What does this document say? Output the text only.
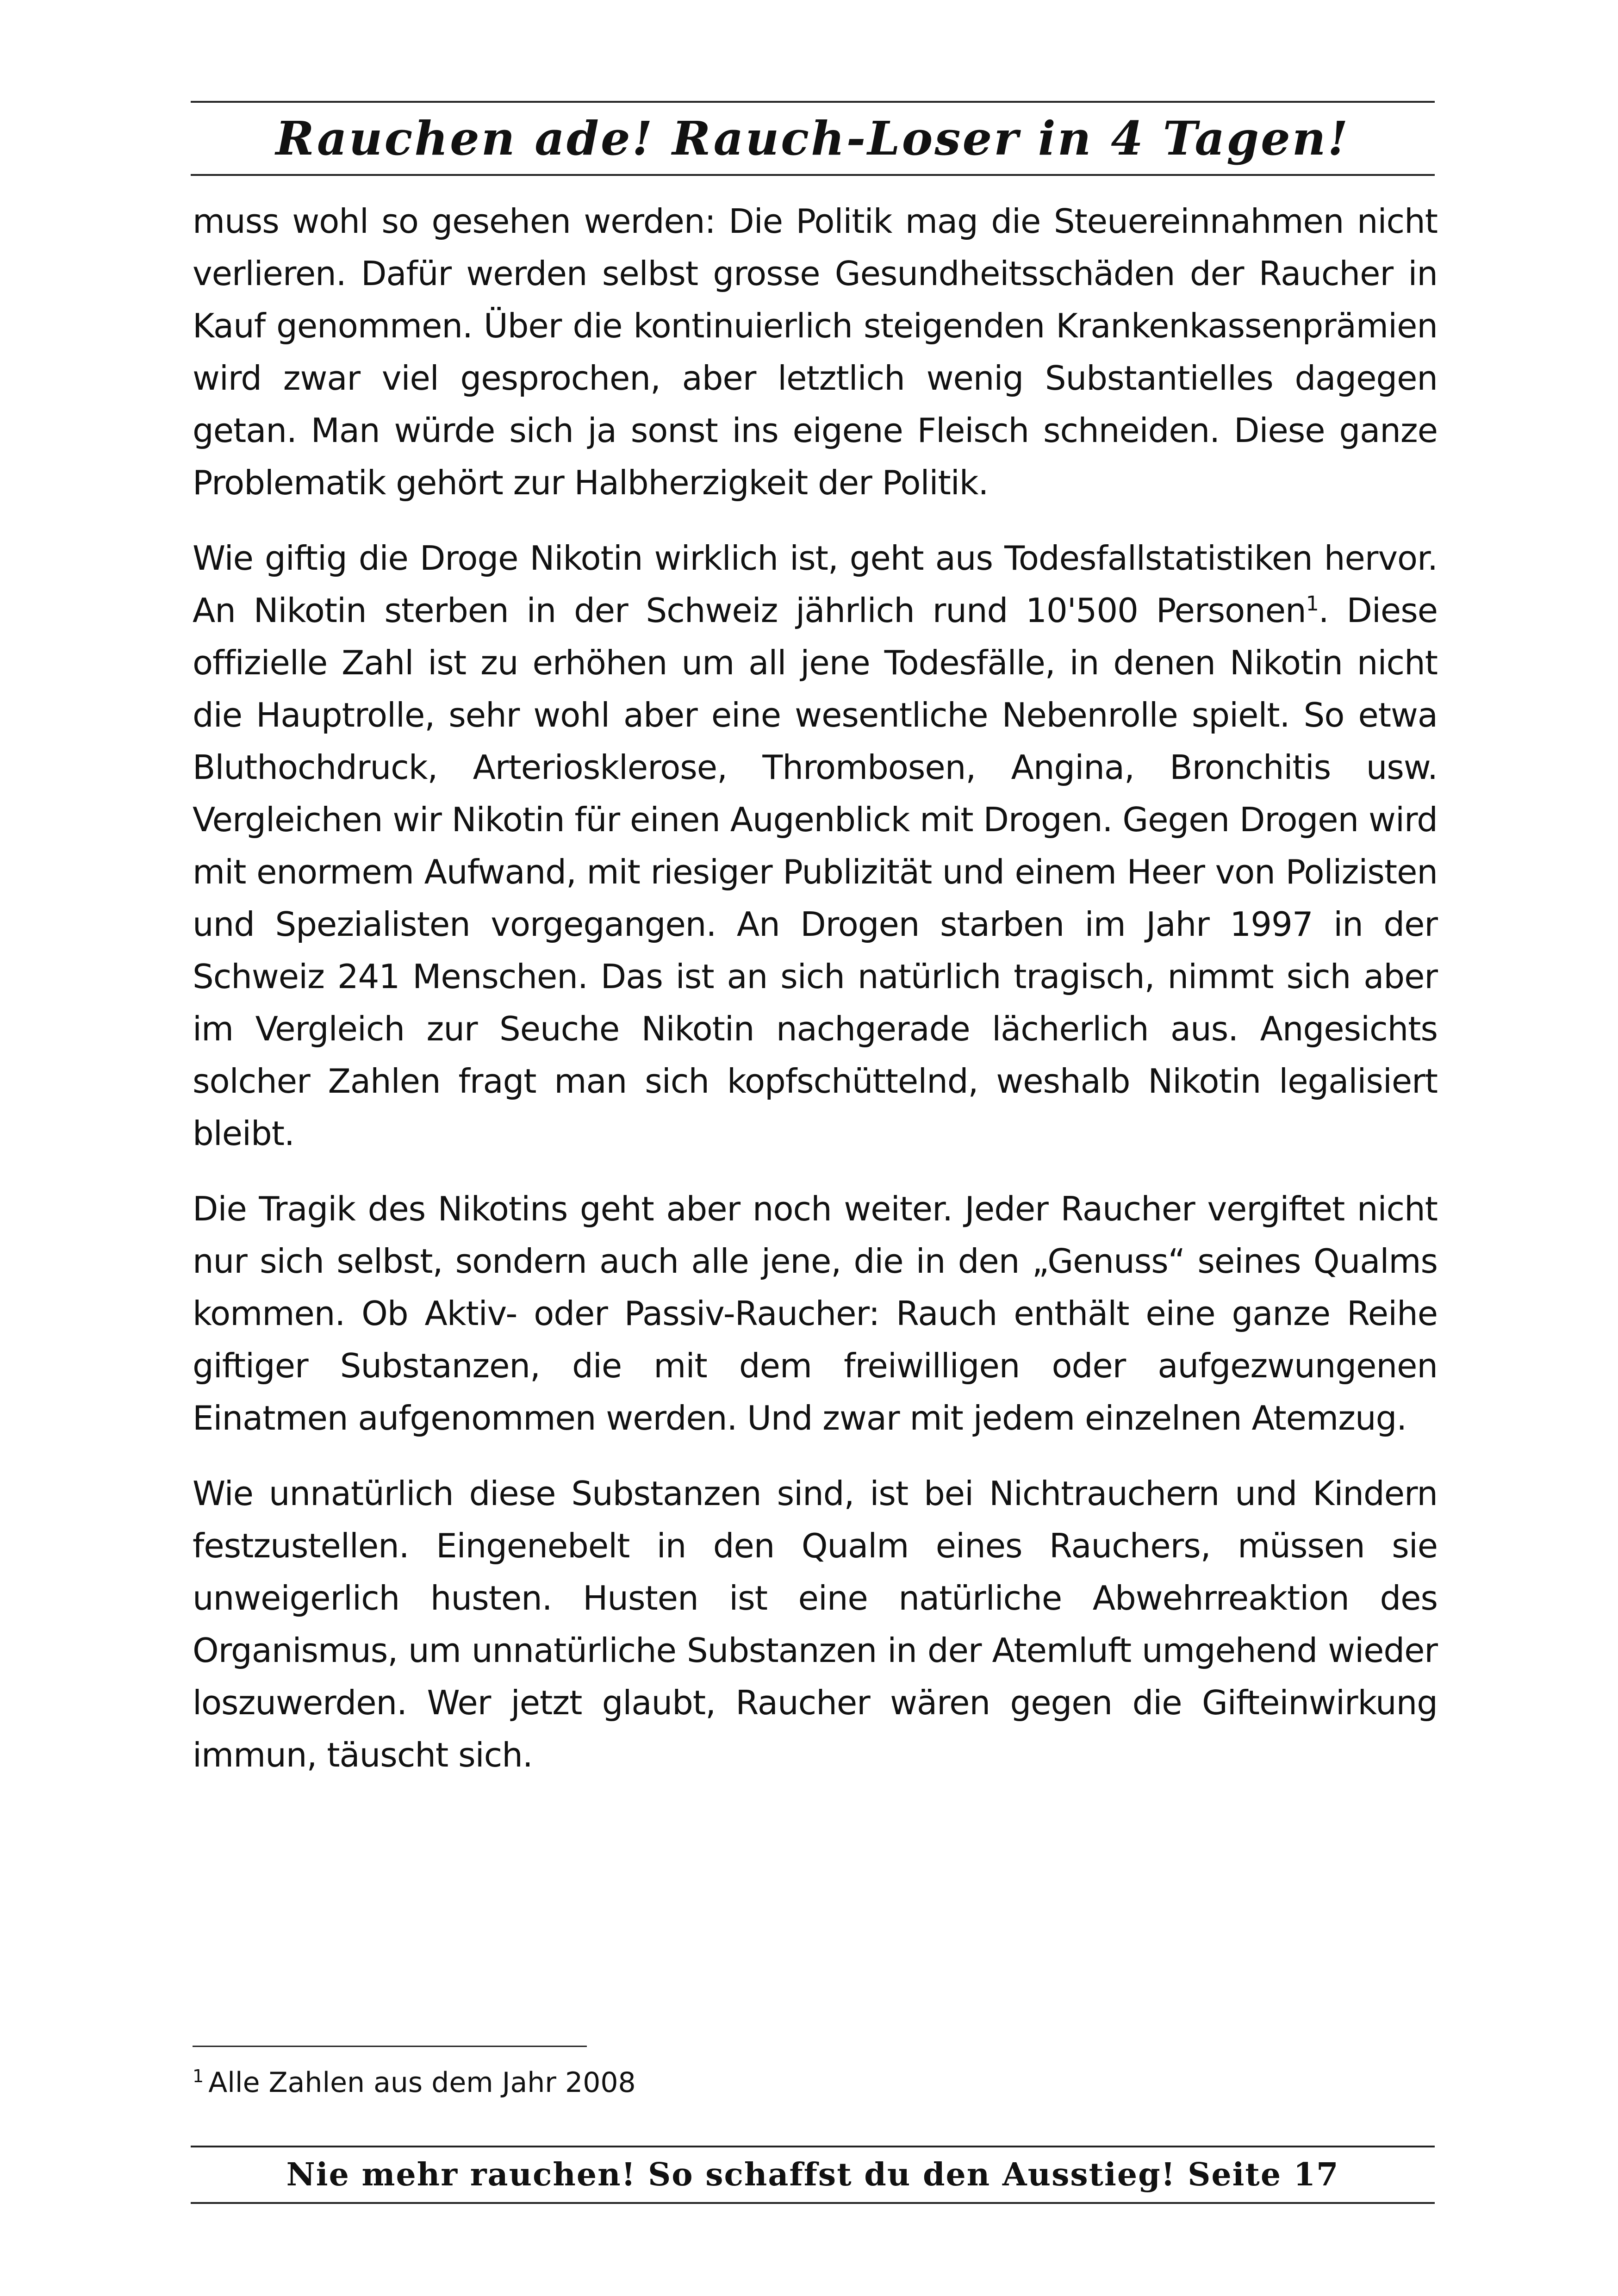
Rauchen ade! Rauch-Loser in 4 Tagen!

muss wohl so gesehen werden: Die Politik mag die Steuereinnahmen nicht verlieren. Dafür werden selbst grosse Gesundheitsschäden der Raucher in Kauf genommen. Über die kontinuierlich steigenden Krankenkassenprämien wird zwar viel gesprochen, aber letztlich wenig Substantielles dagegen getan. Man würde sich ja sonst ins eigene Fleisch schneiden. Diese ganze Problematik gehört zur Halbherzigkeit der Politik.

Wie giftig die Droge Nikotin wirklich ist, geht aus Todesfallstatistiken hervor. An Nikotin sterben in der Schweiz jährlich rund 10'500 Personen$^1$. Diese offizielle Zahl ist zu erhöhen um all jene Todesfälle, in denen Nikotin nicht die Hauptrolle, sehr wohl aber eine wesentliche Nebenrolle spielt. So etwa Bluthochdruck, Arteriosklerose, Thrombosen, Angina, Bronchitis usw. Vergleichen wir Nikotin für einen Augenblick mit Drogen. Gegen Drogen wird mit enormem Aufwand, mit riesiger Publizität und einem Heer von Polizisten und Spezialisten vorgegangen. An Drogen starben im Jahr 1997 in der Schweiz 241 Menschen. Das ist an sich natürlich tragisch, nimmt sich aber im Vergleich zur Seuche Nikotin nachgerade lächerlich aus. Angesichts solcher Zahlen fragt man sich kopfschüttelnd, weshalb Nikotin legalisiert bleibt.

Die Tragik des Nikotins geht aber noch weiter. Jeder Raucher vergiftet nicht nur sich selbst, sondern auch alle jene, die in den „Genuss“ seines Qualms kommen. Ob Aktiv- oder Passiv-Raucher: Rauch enthält eine ganze Reihe giftiger Substanzen, die mit dem freiwilligen oder aufgezwungenen Einatmen aufgenommen werden. Und zwar mit jedem einzelnen Atemzug.

Wie unnatürlich diese Substanzen sind, ist bei Nichtrauchern und Kindern festzustellen. Eingenebelt in den Qualm eines Rauchers, müssen sie unweigerlich husten. Husten ist eine natürliche Abwehrreaktion des Organismus, um unnatürliche Substanzen in der Atemluft umgehend wieder loszuwerden. Wer jetzt glaubt, Raucher wären gegen die Gifteinwirkung immun, täuscht sich.

$^1$ Alle Zahlen aus dem Jahr 2008
Nie mehr rauchen! So schaffst du den Ausstieg! Seite 17
